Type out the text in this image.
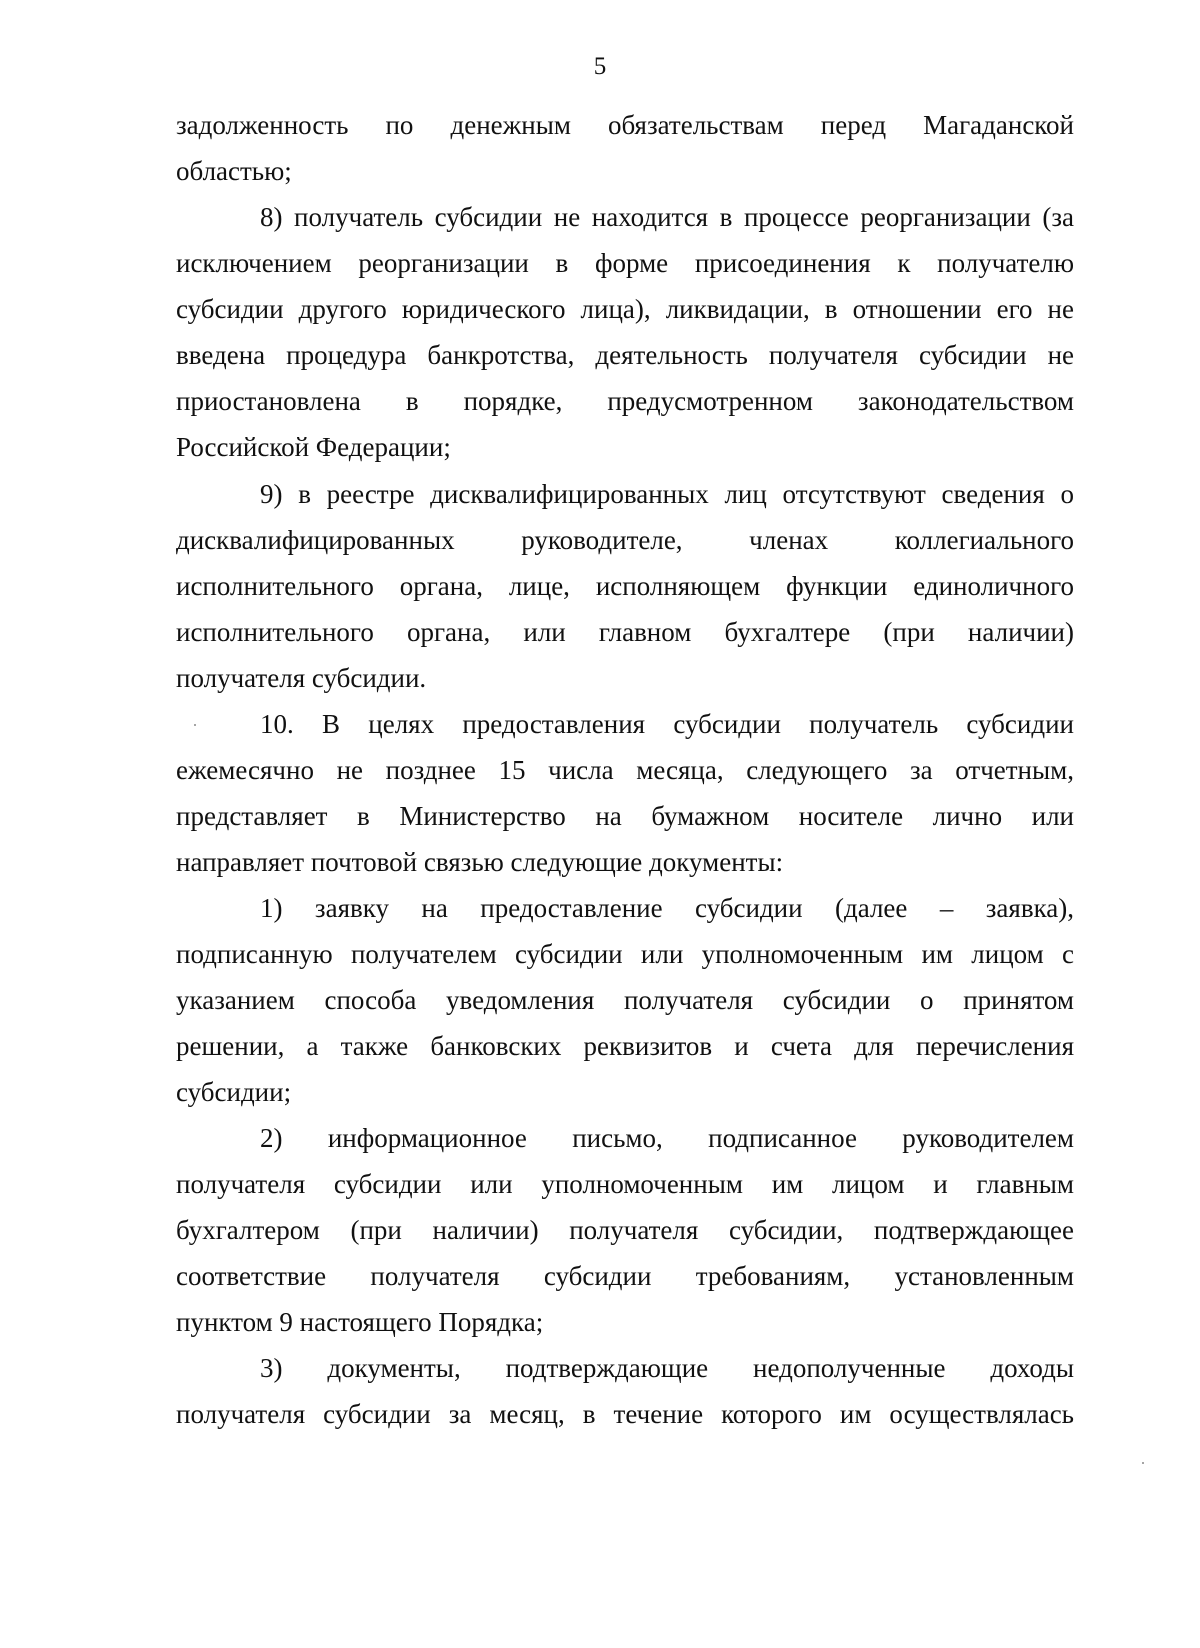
5
задолженность по денежным обязательствам перед Магаданской
областью;
8) получатель субсидии не находится в процессе реорганизации (за
исключением реорганизации в форме присоединения к получателю
субсидии другого юридического лица), ликвидации, в отношении его не
введена процедура банкротства, деятельность получателя субсидии не
приостановлена в порядке, предусмотренном законодательством
Российской Федерации;
9) в реестре дисквалифицированных лиц отсутствуют сведения о
дисквалифицированных руководителе, членах коллегиального
исполнительного органа, лице, исполняющем функции единоличного
исполнительного органа, или главном бухгалтере (при наличии)
получателя субсидии.
10. В целях предоставления субсидии получатель субсидии
ежемесячно не позднее 15 числа месяца, следующего за отчетным,
представляет в Министерство на бумажном носителе лично или
направляет почтовой связью следующие документы:
1) заявку на предоставление субсидии (далее – заявка),
подписанную получателем субсидии или уполномоченным им лицом с
указанием способа уведомления получателя субсидии о принятом
решении, а также банковских реквизитов и счета для перечисления
субсидии;
2) информационное письмо, подписанное руководителем
получателя субсидии или уполномоченным им лицом и главным
бухгалтером (при наличии) получателя субсидии, подтверждающее
соответствие получателя субсидии требованиям, установленным
пунктом 9 настоящего Порядка;
3) документы, подтверждающие недополученные доходы
получателя субсидии за месяц, в течение которого им осуществлялась
